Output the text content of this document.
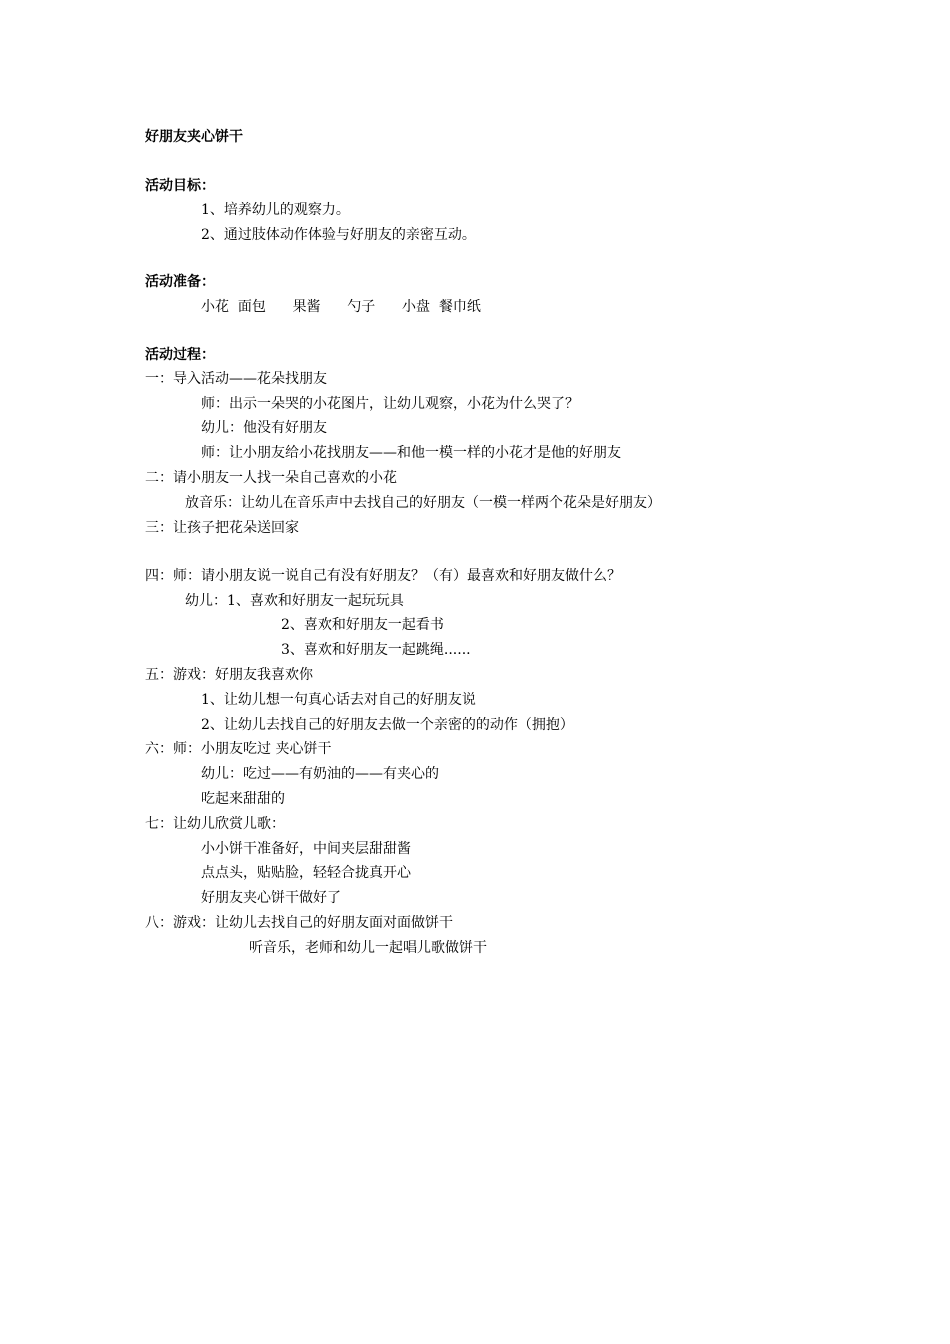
好朋友夹心饼干
活动目标：
1、培养幼儿的观察力。
2、通过肢体动作体验与好朋友的亲密互动。
活动准备：
小花  面包      果酱      勺子      小盘  餐巾纸
活动过程：
一：导入活动——花朵找朋友
师：出示一朵哭的小花图片，让幼儿观察，小花为什么哭了？
幼儿：他没有好朋友
师：让小朋友给小花找朋友——和他一模一样的小花才是他的好朋友
二：请小朋友一人找一朵自己喜欢的小花
放音乐：让幼儿在音乐声中去找自己的好朋友（一模一样两个花朵是好朋友）
三：让孩子把花朵送回家
四：师：请小朋友说一说自己有没有好朋友？（有）最喜欢和好朋友做什么？
幼儿：1、喜欢和好朋友一起玩玩具
2、喜欢和好朋友一起看书
3、喜欢和好朋友一起跳绳......
五：游戏：好朋友我喜欢你
1、让幼儿想一句真心话去对自己的好朋友说
2、让幼儿去找自己的好朋友去做一个亲密的的动作（拥抱）
六：师：小朋友吃过 夹心饼干
幼儿：吃过——有奶油的——有夹心的
吃起来甜甜的
七：让幼儿欣赏儿歌：
小小饼干准备好，中间夹层甜甜酱
点点头，贴贴脸，轻轻合拢真开心
好朋友夹心饼干做好了
八：游戏：让幼儿去找自己的好朋友面对面做饼干
听音乐，老师和幼儿一起唱儿歌做饼干
